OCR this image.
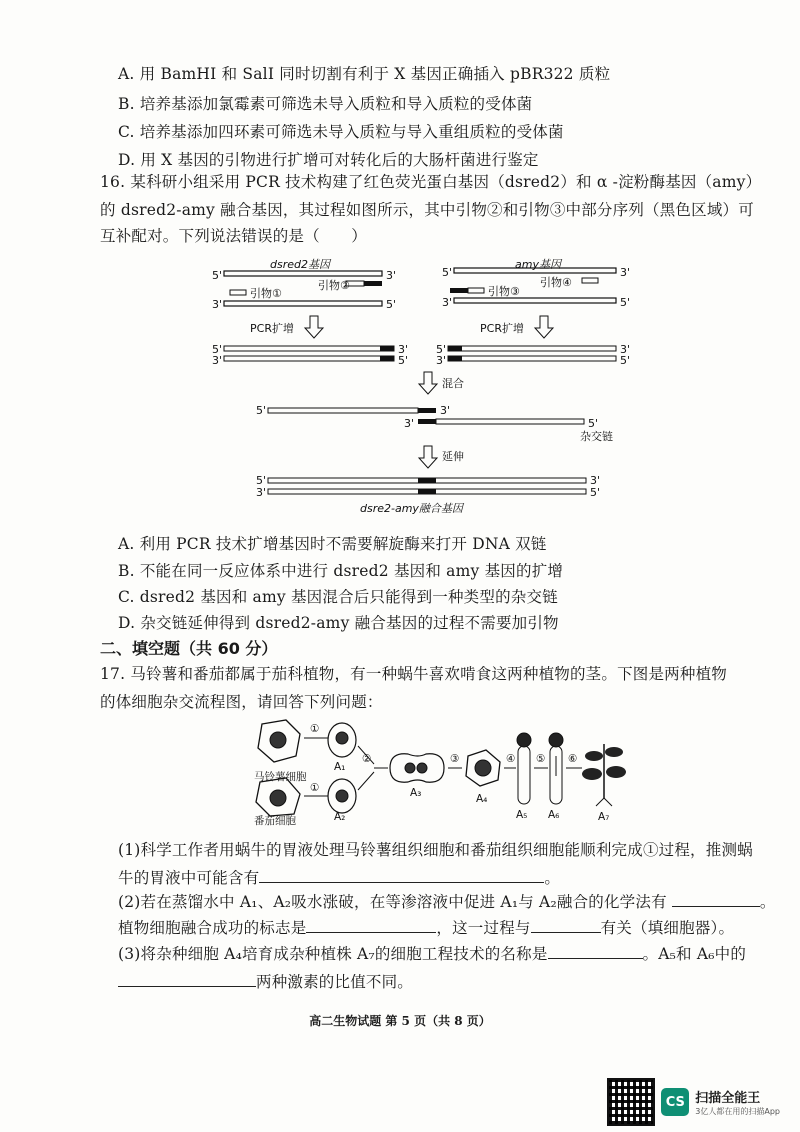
A. 用 BamHI 和 SalI 同时切割有利于 X 基因正确插入 pBR322 质粒
B. 培养基添加氯霉素可筛选未导入质粒和导入质粒的受体菌
C. 培养基添加四环素可筛选未导入质粒与导入重组质粒的受体菌
D. 用 X 基因的引物进行扩增可对转化后的大肠杆菌进行鉴定
16. 某科研小组采用 PCR 技术构建了红色荧光蛋白基因（dsred2）和 α -淀粉酶基因（amy）
的 dsred2-amy 融合基因，其过程如图所示，其中引物②和引物③中部分序列（黑色区域）可
互补配对。下列说法错误的是（　　）
dsred2基因
5'	3'
引物②
引物①
3'	5'
amy基因
5'	3'
引物④
引物③
3'	5'
PCR扩增	PCR扩增
5'	3'
3'	5'
5'	3'
3'	5'
混合
5'	3'
3'	5'
杂交链
延伸
5'	3'
3'	5'
dsre2-amy融合基因
A. 利用 PCR 技术扩增基因时不需要解旋酶来打开 DNA 双链
B. 不能在同一反应体系中进行 dsred2 基因和 amy 基因的扩增
C. dsred2 基因和 amy 基因混合后只能得到一种类型的杂交链
D. 杂交链延伸得到 dsred2-amy 融合基因的过程不需要加引物
二、填空题（共 60 分）
17. 马铃薯和番茄都属于茄科植物，有一种蜗牛喜欢啃食这两种植物的茎。下图是两种植物
的体细胞杂交流程图，请回答下列问题：
马铃薯细胞
①
A₁
番茄细胞
①
A₂
②
A₃
③
A₄
④
A₅
⑤
A₆
⑥
A₇
(1)科学工作者用蜗牛的胃液处理马铃薯组织细胞和番茄组织细胞能顺利完成①过程，推测蜗
牛的胃液中可能含有	。
(2)若在蒸馏水中 A₁、A₂吸水涨破，在等渗溶液中促进 A₁与 A₂融合的化学法有	。
植物细胞融合成功的标志是	，这一过程与	有关（填细胞器）。
(3)将杂种细胞 A₄培育成杂种植株 A₇的细胞工程技术的名称是	。A₅和 A₆中的
两种激素的比值不同。
高二生物试题 第 5 页（共 8 页）
CS 扫描全能王
3亿人都在用的扫描App
